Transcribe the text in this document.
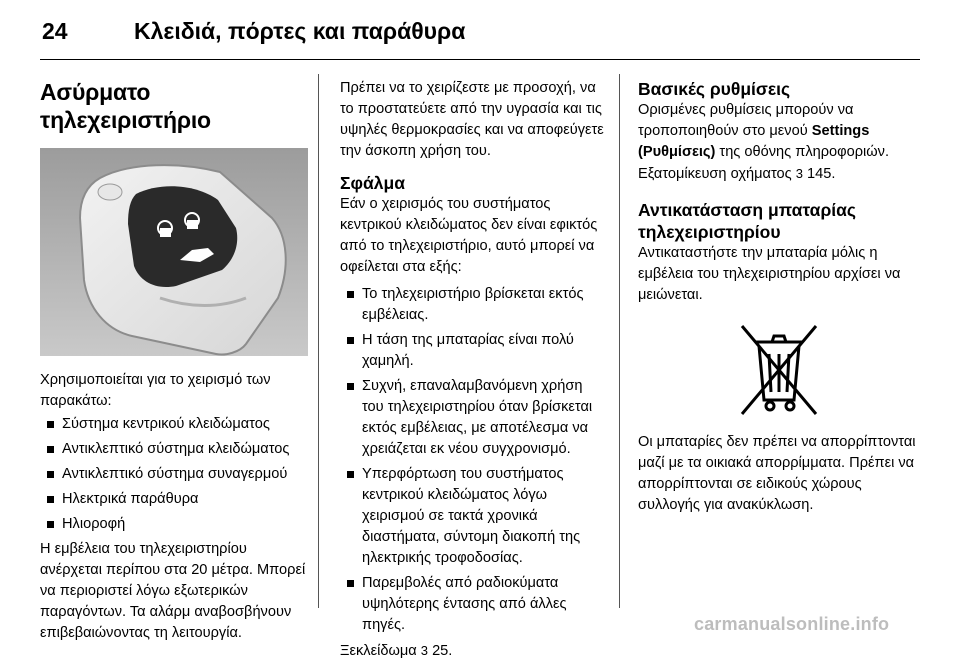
24	Κλειδιά, πόρτες και παράθυρα
Ασύρματο τηλεχειριστήριο

Χρησιμοποιείται για το χειρισμό των παρακάτω:

Σύστημα κεντρικού κλειδώματος
Αντικλεπτικό σύστημα κλειδώματος
Αντικλεπτικό σύστημα συναγερμού
Ηλεκτρικά παράθυρα
Ηλιοροφή

Η εμβέλεια του τηλεχειριστηρίου ανέρχεται περίπου στα 20 μέτρα. Μπορεί να περιοριστεί λόγω εξωτερικών παραγόντων. Τα αλάρμ αναβοσβήνουν επιβεβαιώνοντας τη λειτουργία.

Πρέπει να το χειρίζεστε με προσοχή, να το προστατεύετε από την υγρασία και τις υψηλές θερμοκρασίες και να αποφεύγετε την άσκοπη χρήση του.

Σφάλμα

Εάν ο χειρισμός του συστήματος κεντρικού κλειδώματος δεν είναι εφικτός από το τηλεχειριστήριο, αυτό μπορεί να οφείλεται στα εξής:

Το τηλεχειριστήριο βρίσκεται εκτός εμβέλειας.
Η τάση της μπαταρίας είναι πολύ χαμηλή.
Συχνή, επαναλαμβανόμενη χρήση του τηλεχειριστηρίου όταν βρίσκεται εκτός εμβέλειας, με αποτέλεσμα να χρειάζεται εκ νέου συγχρονισμό.
Υπερφόρτωση του συστήματος κεντρικού κλειδώματος λόγω χειρισμού σε τακτά χρονικά διαστήματα, σύντομη διακοπή της ηλεκτρικής τροφοδοσίας.
Παρεμβολές από ραδιοκύματα υψηλότερης έντασης από άλλες πηγές.

Ξεκλείδωμα 3 25.

Βασικές ρυθμίσεις

Ορισμένες ρυθμίσεις μπορούν να τροποποιηθούν στο μενού Settings (Ρυθμίσεις) της οθόνης πληροφοριών. Εξατομίκευση οχήματος 3 145.

Αντικατάσταση μπαταρίας τηλεχειριστηρίου

Αντικαταστήστε την μπαταρία μόλις η εμβέλεια του τηλεχειριστηρίου αρχίσει να μειώνεται.

Οι μπαταρίες δεν πρέπει να απορρίπτονται μαζί με τα οικιακά απορρίμματα. Πρέπει να απορρίπτονται σε ειδικούς χώρους συλλογής για ανακύκλωση.

carmanualsonline.info
